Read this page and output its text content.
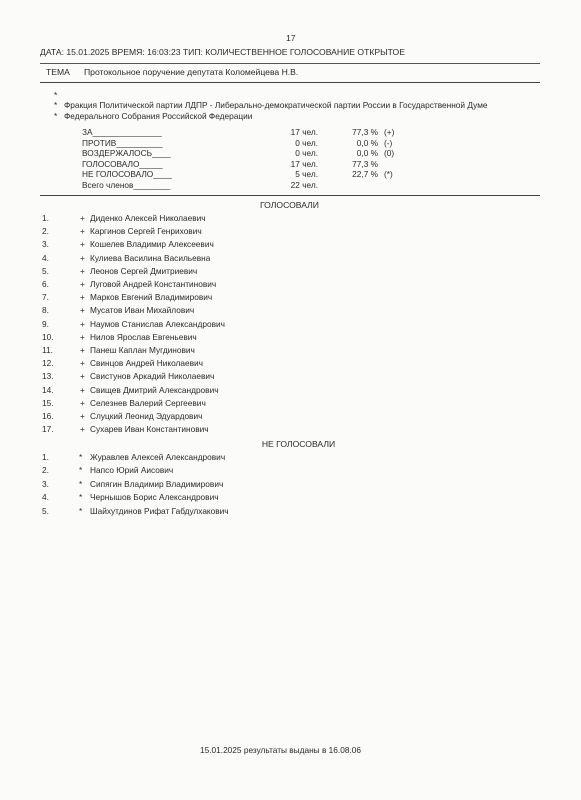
17
ДАТА: 15.01.2025 ВРЕМЯ: 16:03:23 ТИП: КОЛИЧЕСТВЕННОЕ ГОЛОСОВАНИЕ ОТКРЫТОЕ
ТЕМА Протокольное поручение депутата Коломейцева Н.В.
*
* Фракция Политической партии ЛДПР - Либерально-демократической партии России в Государственной Думе
* Федерального Собрания Российской Федерации
ЗА_______________	17 чел.	77,3 % (+)
ПРОТИВ__________	0 чел.	0,0 % (-)
ВОЗДЕРЖАЛОСЬ____	0 чел.	0,0 % (0)
ГОЛОСОВАЛО_____	17 чел.	77,3 %
НЕ ГОЛОСОВАЛО____	5 чел.	22,7 % (*)
Всего членов________	22 чел.
ГОЛОСОВАЛИ
1.	+ Диденко Алексей Николаевич
2.	+ Каргинов Сергей Генрихович
3.	+ Кошелев Владимир Алексеевич
4.	+ Кулиева Василина Васильевна
5.	+ Леонов Сергей Дмитриевич
6.	+ Луговой Андрей Константинович
7.	+ Марков Евгений Владимирович
8.	+ Мусатов Иван Михайлович
9.	+ Наумов Станислав Александрович
10.	+ Нилов Ярослав Евгеньевич
11.	+ Панеш Каплан Мугдинович
12.	+ Свинцов Андрей Николаевич
13.	+ Свистунов Аркадий Николаевич
14.	+ Свищев Дмитрий Александрович
15.	+ Селезнев Валерий Сергеевич
16.	+ Слуцкий Леонид Эдуардович
17.	+ Сухарев Иван Константинович
НЕ ГОЛОСОВАЛИ
1.	* Журавлев Алексей Александрович
2.	* Напсо Юрий Аисович
3.	* Сипягин Владимир Владимирович
4.	* Чернышов Борис Александрович
5.	* Шайхутдинов Рифат Габдулхакович
15.01.2025 результаты выданы в 16.08.06
